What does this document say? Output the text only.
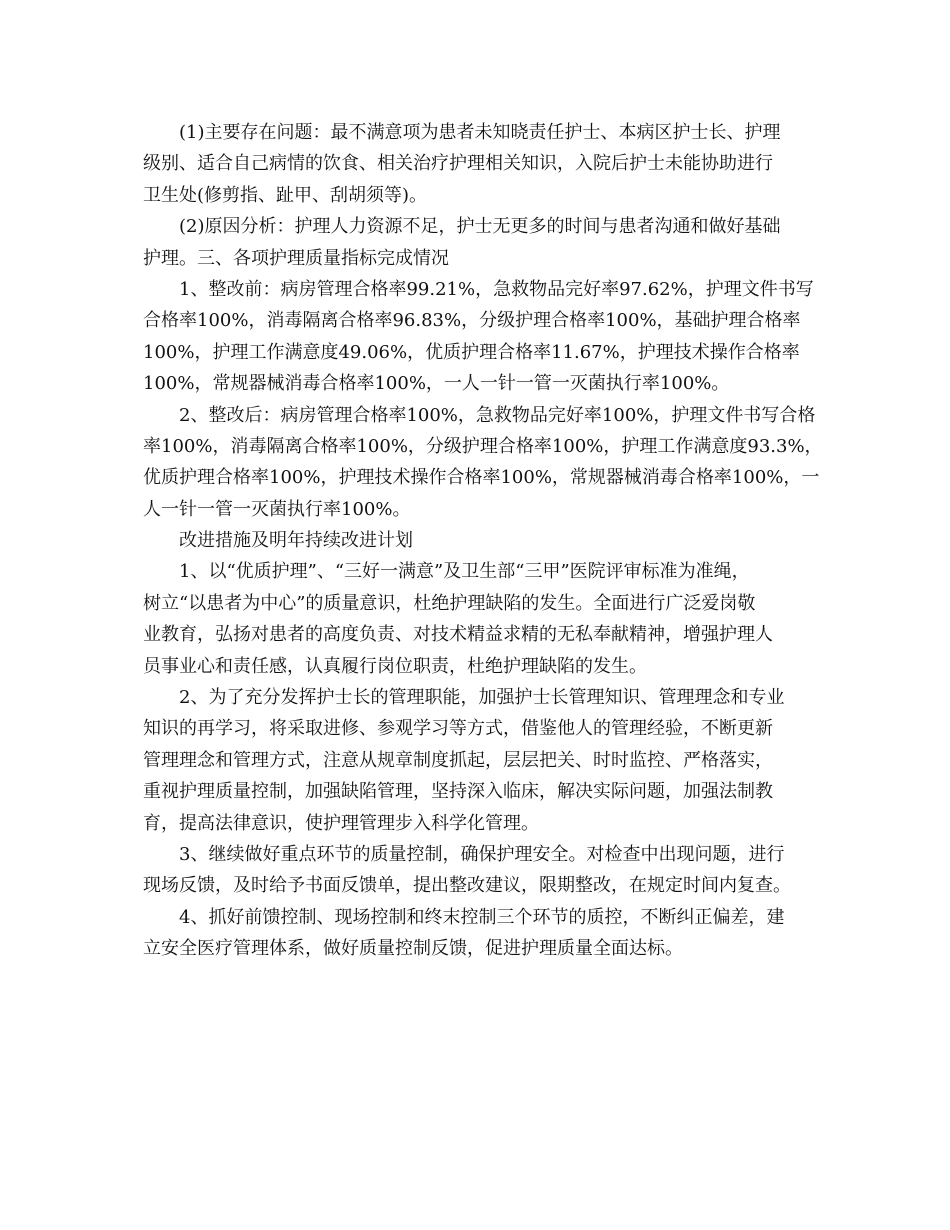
(1)主要存在问题：最不满意项为患者未知晓责任护士、本病区护士长、护理
级别、适合自己病情的饮食、相关治疗护理相关知识，入院后护士未能协助进行
卫生处(修剪指、趾甲、刮胡须等)。
(2)原因分析：护理人力资源不足，护士无更多的时间与患者沟通和做好基础
护理。三、各项护理质量指标完成情况
1、整改前：病房管理合格率99.21%，急救物品完好率97.62%，护理文件书写
合格率100%，消毒隔离合格率96.83%，分级护理合格率100%，基础护理合格率
100%，护理工作满意度49.06%，优质护理合格率11.67%，护理技术操作合格率
100%，常规器械消毒合格率100%，一人一针一管一灭菌执行率100%。
2、整改后：病房管理合格率100%，急救物品完好率100%，护理文件书写合格
率100%，消毒隔离合格率100%，分级护理合格率100%，护理工作满意度93.3%，
优质护理合格率100%，护理技术操作合格率100%，常规器械消毒合格率100%，一
人一针一管一灭菌执行率100%。
改进措施及明年持续改进计划
1、以“优质护理”、“三好一满意”及卫生部“三甲”医院评审标准为准绳，
树立“以患者为中心”的质量意识，杜绝护理缺陷的发生。全面进行广泛爱岗敬
业教育，弘扬对患者的高度负责、对技术精益求精的无私奉献精神，增强护理人
员事业心和责任感，认真履行岗位职责，杜绝护理缺陷的发生。
2、为了充分发挥护士长的管理职能，加强护士长管理知识、管理理念和专业
知识的再学习，将采取进修、参观学习等方式，借鉴他人的管理经验，不断更新
管理理念和管理方式，注意从规章制度抓起，层层把关、时时监控、严格落实，
重视护理质量控制，加强缺陷管理，坚持深入临床，解决实际问题，加强法制教
育，提高法律意识，使护理管理步入科学化管理。
3、继续做好重点环节的质量控制，确保护理安全。对检查中出现问题，进行
现场反馈，及时给予书面反馈单，提出整改建议，限期整改，在规定时间内复查。
4、抓好前馈控制、现场控制和终末控制三个环节的质控，不断纠正偏差，建
立安全医疗管理体系，做好质量控制反馈，促进护理质量全面达标。
